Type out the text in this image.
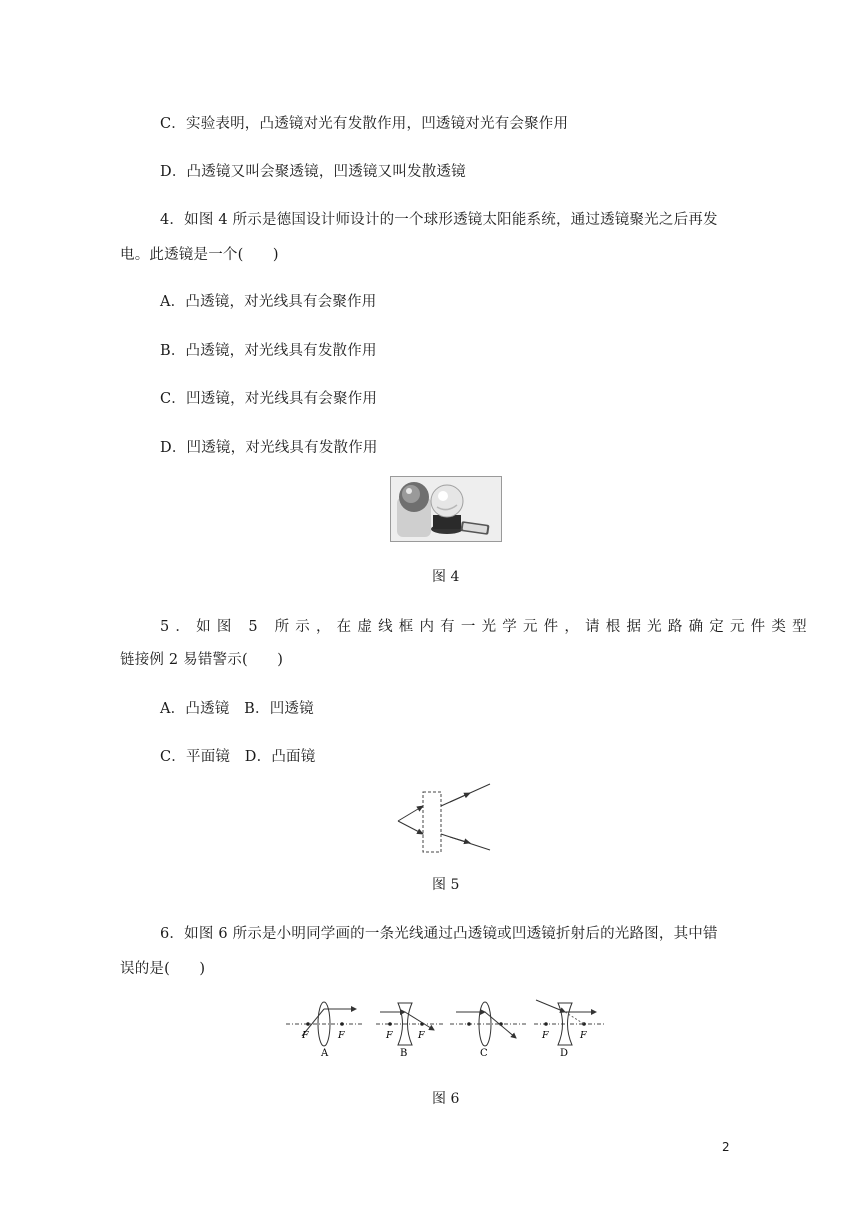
C．实验表明，凸透镜对光有发散作用，凹透镜对光有会聚作用
D．凸透镜又叫会聚透镜，凹透镜又叫发散透镜
4．如图 4 所示是德国设计师设计的一个球形透镜太阳能系统，通过透镜聚光之后再发
电。此透镜是一个(　　)
A．凸透镜，对光线具有会聚作用
B．凸透镜，对光线具有发散作用
C．凹透镜，对光线具有会聚作用
D．凹透镜，对光线具有发散作用
图 4
5．如图 5 所示，在虚线框内有一光学元件，请根据光路确定元件类型
链接例 2 易错警示(　　)
A．凸透镜　B．凹透镜
C．平面镜　D．凸面镜
图 5
6．如图 6 所示是小明同学画的一条光线通过凸透镜或凹透镜折射后的光路图，其中错
误的是(　　)
F	F
A
F	F
B	C
F	F
D
图 6
2
